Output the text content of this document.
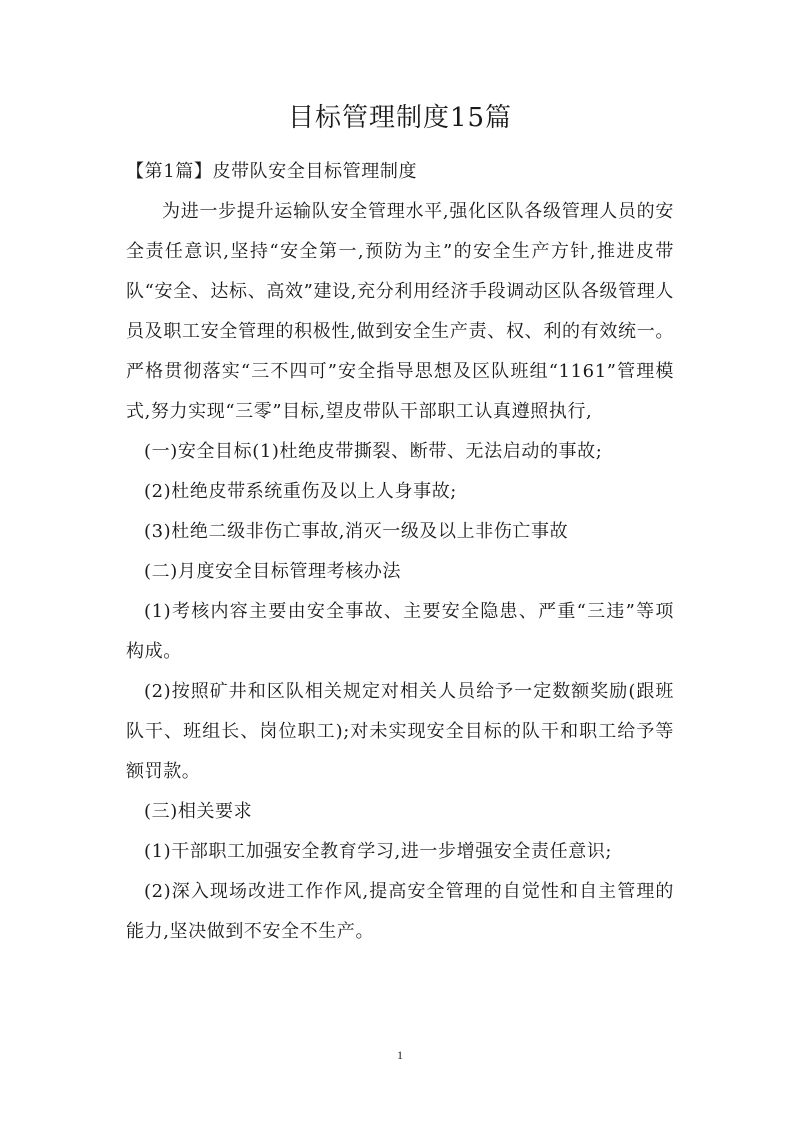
目标管理制度15篇

【第1篇】皮带队安全目标管理制度

为进一步提升运输队安全管理水平,强化区队各级管理人员的安全责任意识,坚持“安全第一,预防为主”的安全生产方针,推进皮带队“安全、达标、高效”建设,充分利用经济手段调动区队各级管理人员及职工安全管理的积极性,做到安全生产责、权、利的有效统一。严格贯彻落实“三不四可”安全指导思想及区队班组“1161”管理模式,努力实现“三零”目标,望皮带队干部职工认真遵照执行,

(一)安全目标(1)杜绝皮带撕裂、断带、无法启动的事故;

(2)杜绝皮带系统重伤及以上人身事故;

(3)杜绝二级非伤亡事故,消灭一级及以上非伤亡事故

(二)月度安全目标管理考核办法

(1)考核内容主要由安全事故、主要安全隐患、严重“三违”等项构成。

(2)按照矿井和区队相关规定对相关人员给予一定数额奖励(跟班队干、班组长、岗位职工);对未实现安全目标的队干和职工给予等额罚款。

(三)相关要求

(1)干部职工加强安全教育学习,进一步增强安全责任意识;

(2)深入现场改进工作作风,提高安全管理的自觉性和自主管理的能力,坚决做到不安全不生产。

1
